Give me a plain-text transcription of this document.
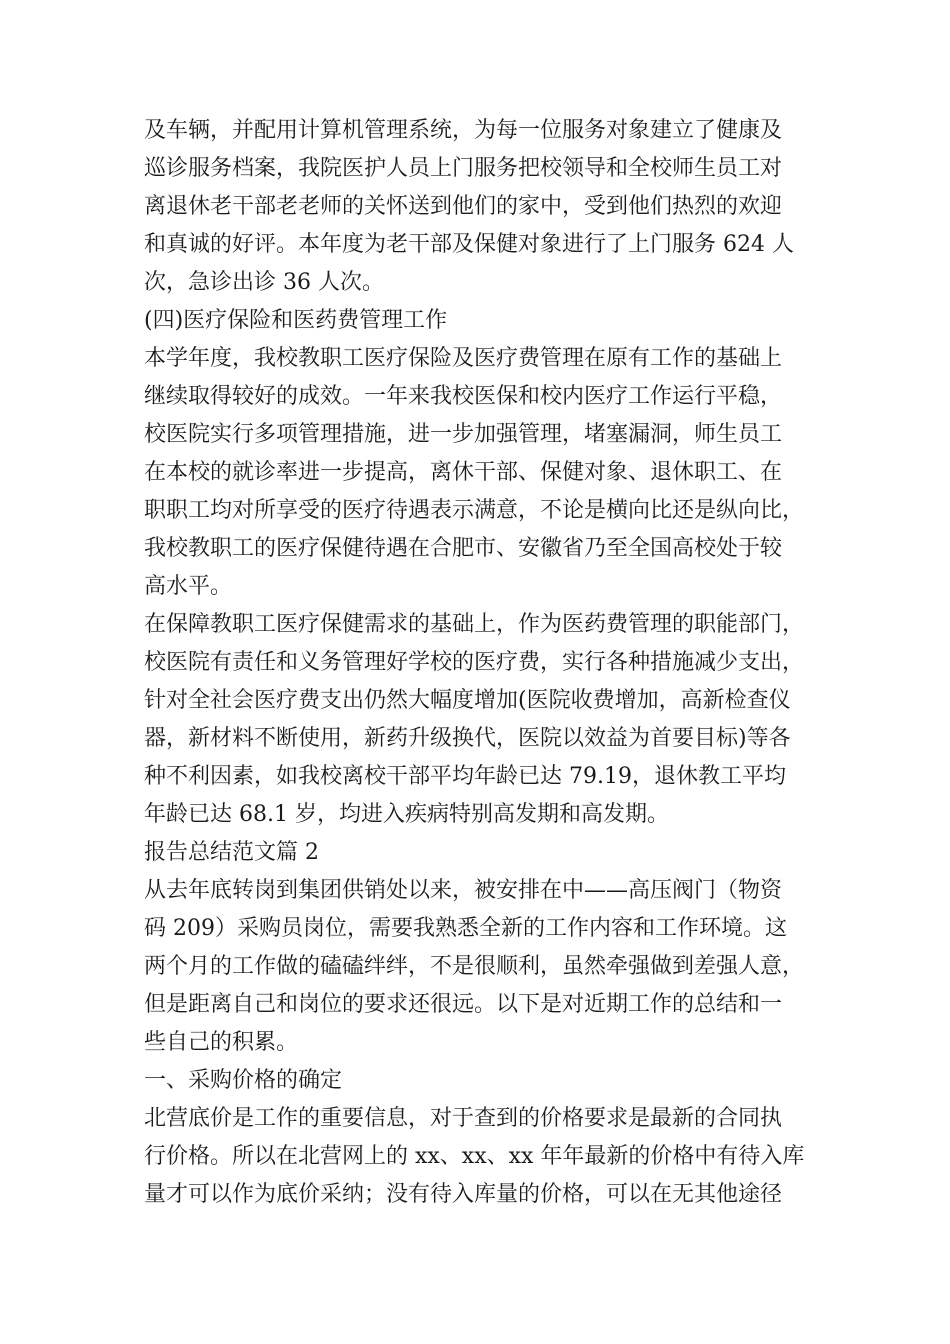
及车辆，并配用计算机管理系统，为每一位服务对象建立了健康及
巡诊服务档案，我院医护人员上门服务把校领导和全校师生员工对
离退休老干部老老师的关怀送到他们的家中，受到他们热烈的欢迎
和真诚的好评。本年度为老干部及保健对象进行了上门服务 624 人
次，急诊出诊 36 人次。
(四)医疗保险和医药费管理工作
本学年度，我校教职工医疗保险及医疗费管理在原有工作的基础上
继续取得较好的成效。一年来我校医保和校内医疗工作运行平稳，
校医院实行多项管理措施，进一步加强管理，堵塞漏洞，师生员工
在本校的就诊率进一步提高，离休干部、保健对象、退休职工、在
职职工均对所享受的医疗待遇表示满意，不论是横向比还是纵向比，
我校教职工的医疗保健待遇在合肥市、安徽省乃至全国高校处于较
高水平。
在保障教职工医疗保健需求的基础上，作为医药费管理的职能部门，
校医院有责任和义务管理好学校的医疗费，实行各种措施减少支出，
针对全社会医疗费支出仍然大幅度增加(医院收费增加，高新检查仪
器，新材料不断使用，新药升级换代，医院以效益为首要目标)等各
种不利因素，如我校离校干部平均年龄已达 79.19，退休教工平均
年龄已达 68.1 岁，均进入疾病特别高发期和高发期。
报告总结范文篇 2
从去年底转岗到集团供销处以来，被安排在中——高压阀门（物资
码 209）采购员岗位，需要我熟悉全新的工作内容和工作环境。这
两个月的工作做的磕磕绊绊，不是很顺利，虽然牵强做到差强人意，
但是距离自己和岗位的要求还很远。以下是对近期工作的总结和一
些自己的积累。
一、采购价格的确定
北营底价是工作的重要信息，对于查到的价格要求是最新的合同执
行价格。所以在北营网上的 xx、xx、xx 年年最新的价格中有待入库
量才可以作为底价采纳；没有待入库量的价格，可以在无其他途径
